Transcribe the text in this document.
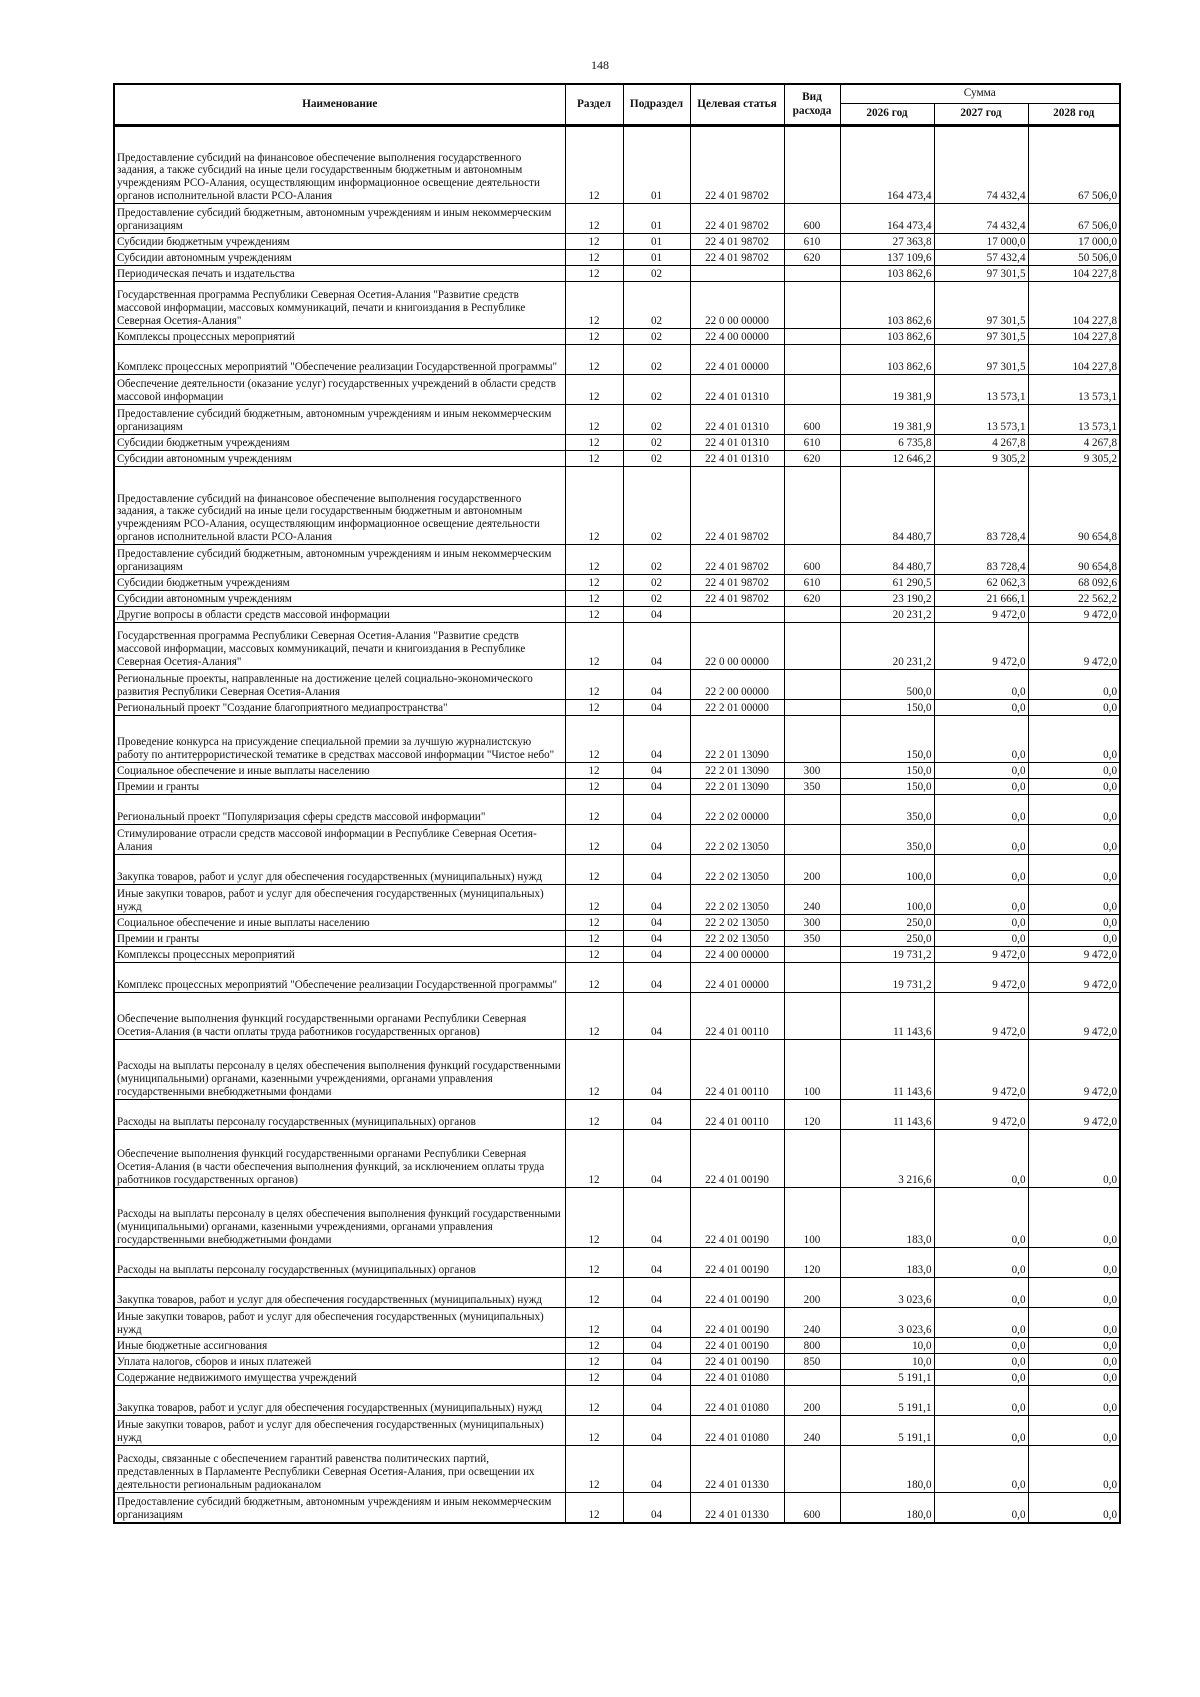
148
Наименование	Раздел	Подраздел	Целевая статья	Вид расхода	Сумма		
					2026 год	2027 год	2028 год
Предоставление субсидий на финансовое обеспечение выполнения государственного задания, а также субсидий на иные цели государственным бюджетным и автономным учреждениям РСО-Алания, осуществляющим информационное освещение деятельности органов исполнительной власти РСО-Алания	12	01	22 4 01 98702		164 473,4	74 432,4	67 506,0
Предоставление субсидий бюджетным, автономным учреждениям и иным некоммерческим организациям	12	01	22 4 01 98702	600	164 473,4	74 432,4	67 506,0
Субсидии бюджетным учреждениям	12	01	22 4 01 98702	610	27 363,8	17 000,0	17 000,0
Субсидии автономным учреждениям	12	01	22 4 01 98702	620	137 109,6	57 432,4	50 506,0
Периодическая печать и издательства	12	02			103 862,6	97 301,5	104 227,8
Государственная программа Республики Северная Осетия-Алания "Развитие средств массовой информации, массовых коммуникаций, печати и книгоиздания в Республике Северная Осетия-Алания"	12	02	22 0 00 00000		103 862,6	97 301,5	104 227,8
Комплексы процессных мероприятий	12	02	22 4 00 00000		103 862,6	97 301,5	104 227,8
Комплекс процессных мероприятий "Обеспечение реализации Государственной программы"	12	02	22 4 01 00000		103 862,6	97 301,5	104 227,8
Обеспечение деятельности (оказание услуг) государственных учреждений в области средств массовой информации	12	02	22 4 01 01310		19 381,9	13 573,1	13 573,1
Предоставление субсидий бюджетным, автономным учреждениям и иным некоммерческим организациям	12	02	22 4 01 01310	600	19 381,9	13 573,1	13 573,1
Субсидии бюджетным учреждениям	12	02	22 4 01 01310	610	6 735,8	4 267,8	4 267,8
Субсидии автономным учреждениям	12	02	22 4 01 01310	620	12 646,2	9 305,2	9 305,2
Предоставление субсидий на финансовое обеспечение выполнения государственного задания, а также субсидий на иные цели государственным бюджетным и автономным учреждениям РСО-Алания, осуществляющим информационное освещение деятельности органов исполнительной власти РСО-Алания	12	02	22 4 01 98702		84 480,7	83 728,4	90 654,8
Предоставление субсидий бюджетным, автономным учреждениям и иным некоммерческим организациям	12	02	22 4 01 98702	600	84 480,7	83 728,4	90 654,8
Субсидии бюджетным учреждениям	12	02	22 4 01 98702	610	61 290,5	62 062,3	68 092,6
Субсидии автономным учреждениям	12	02	22 4 01 98702	620	23 190,2	21 666,1	22 562,2
Другие вопросы в области средств массовой информации	12	04			20 231,2	9 472,0	9 472,0
Государственная программа Республики Северная Осетия-Алания "Развитие средств массовой информации, массовых коммуникаций, печати и книгоиздания в Республике Северная Осетия-Алания"	12	04	22 0 00 00000		20 231,2	9 472,0	9 472,0
Региональные проекты, направленные на достижение целей социально-экономического развития Республики Северная Осетия-Алания	12	04	22 2 00 00000		500,0	0,0	0,0
Региональный проект "Создание благоприятного медиапространства"	12	04	22 2 01 00000		150,0	0,0	0,0
Проведение конкурса на присуждение специальной премии за лучшую журналистскую работу по антитеррористической тематике в средствах массовой информации "Чистое небо"	12	04	22 2 01 13090		150,0	0,0	0,0
Социальное обеспечение и иные выплаты населению	12	04	22 2 01 13090	300	150,0	0,0	0,0
Премии и гранты	12	04	22 2 01 13090	350	150,0	0,0	0,0
Региональный проект "Популяризация сферы средств массовой информации"	12	04	22 2 02 00000		350,0	0,0	0,0
Стимулирование отрасли средств массовой информации в Республике Северная Осетия-Алания	12	04	22 2 02 13050		350,0	0,0	0,0
Закупка товаров, работ и услуг для обеспечения государственных (муниципальных) нужд	12	04	22 2 02 13050	200	100,0	0,0	0,0
Иные закупки товаров, работ и услуг для обеспечения государственных (муниципальных) нужд	12	04	22 2 02 13050	240	100,0	0,0	0,0
Социальное обеспечение и иные выплаты населению	12	04	22 2 02 13050	300	250,0	0,0	0,0
Премии и гранты	12	04	22 2 02 13050	350	250,0	0,0	0,0
Комплексы процессных мероприятий	12	04	22 4 00 00000		19 731,2	9 472,0	9 472,0
Комплекс процессных мероприятий "Обеспечение реализации Государственной программы"	12	04	22 4 01 00000		19 731,2	9 472,0	9 472,0
Обеспечение выполнения функций государственными органами Республики Северная Осетия-Алания (в части оплаты труда работников государственных органов)	12	04	22 4 01 00110		11 143,6	9 472,0	9 472,0
Расходы на выплаты персоналу в целях обеспечения выполнения функций государственными (муниципальными) органами, казенными учреждениями, органами управления государственными внебюджетными фондами	12	04	22 4 01 00110	100	11 143,6	9 472,0	9 472,0
Расходы на выплаты персоналу государственных (муниципальных) органов	12	04	22 4 01 00110	120	11 143,6	9 472,0	9 472,0
Обеспечение выполнения функций государственными органами Республики Северная Осетия-Алания (в части обеспечения выполнения функций, за исключением оплаты труда работников государственных органов)	12	04	22 4 01 00190		3 216,6	0,0	0,0
Расходы на выплаты персоналу в целях обеспечения выполнения функций государственными (муниципальными) органами, казенными учреждениями, органами управления государственными внебюджетными фондами	12	04	22 4 01 00190	100	183,0	0,0	0,0
Расходы на выплаты персоналу государственных (муниципальных) органов	12	04	22 4 01 00190	120	183,0	0,0	0,0
Закупка товаров, работ и услуг для обеспечения государственных (муниципальных) нужд	12	04	22 4 01 00190	200	3 023,6	0,0	0,0
Иные закупки товаров, работ и услуг для обеспечения государственных (муниципальных) нужд	12	04	22 4 01 00190	240	3 023,6	0,0	0,0
Иные бюджетные ассигнования	12	04	22 4 01 00190	800	10,0	0,0	0,0
Уплата налогов, сборов и иных платежей	12	04	22 4 01 00190	850	10,0	0,0	0,0
Содержание недвижимого имущества учреждений	12	04	22 4 01 01080		5 191,1	0,0	0,0
Закупка товаров, работ и услуг для обеспечения государственных (муниципальных) нужд	12	04	22 4 01 01080	200	5 191,1	0,0	0,0
Иные закупки товаров, работ и услуг для обеспечения государственных (муниципальных) нужд	12	04	22 4 01 01080	240	5 191,1	0,0	0,0
Расходы, связанные с обеспечением гарантий равенства политических партий, представленных в Парламенте Республики Северная Осетия-Алания, при освещении их деятельности региональным радиоканалом	12	04	22 4 01 01330		180,0	0,0	0,0
Предоставление субсидий бюджетным, автономным учреждениям и иным некоммерческим организациям	12	04	22 4 01 01330	600	180,0	0,0	0,0
